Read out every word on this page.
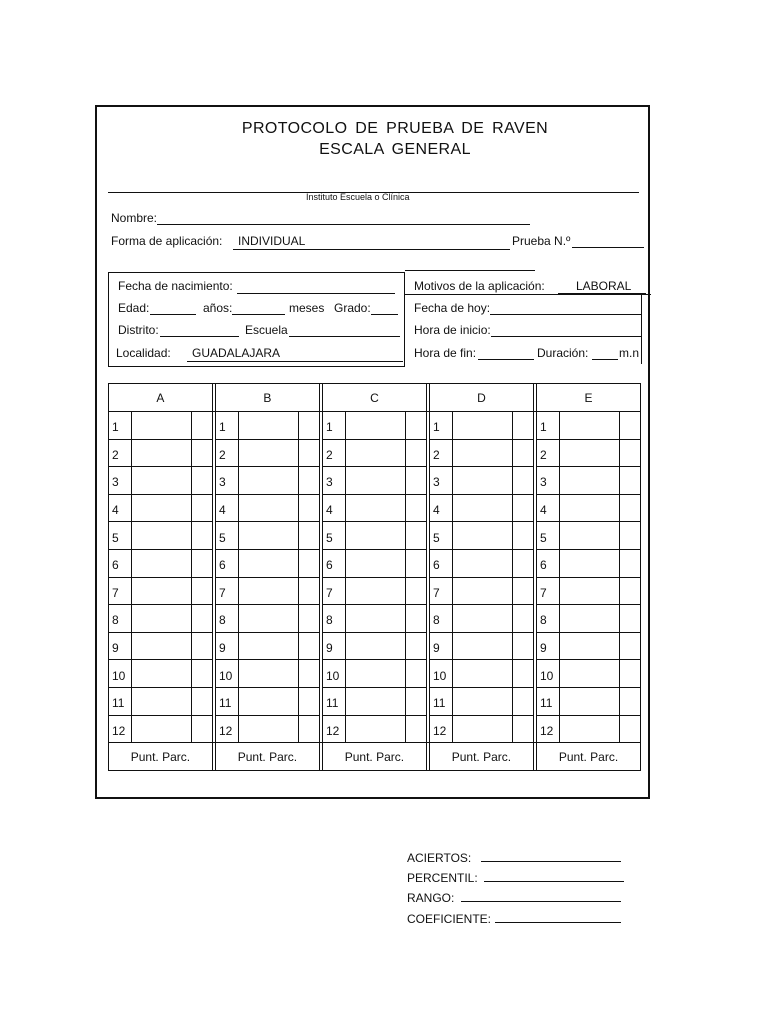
PROTOCOLO DE PRUEBA DE RAVEN
ESCALA GENERAL
Instituto Escuela o Clínica
Nombre:
Forma de aplicación: INDIVIDUAL	Prueba N.º
Fecha de nacimiento:
Edad:	años:	meses Grado:
Distrito:	Escuela
Localidad: GUADALAJARA
Motivos de la aplicación:	LABORAL
Fecha de hoy:
Hora de inicio:
Hora de fin:	Duración:	m.n
A				B				C				D				E		
1				1				1				1				1		
2				2				2				2				2		
3				3				3				3				3		
4				4				4				4				4		
5				5				5				5				5		
6				6				6				6				6		
7				7				7				7				7		
8				8				8				8				8		
9				9				9				9				9		
10				10				10				10				10		
11				11				11				11				11		
12				12				12				12				12		
Punt. Parc.				Punt. Parc.				Punt. Parc.				Punt. Parc.				Punt. Parc.		
ACIERTOS:
PERCENTIL:
RANGO:
COEFICIENTE:
